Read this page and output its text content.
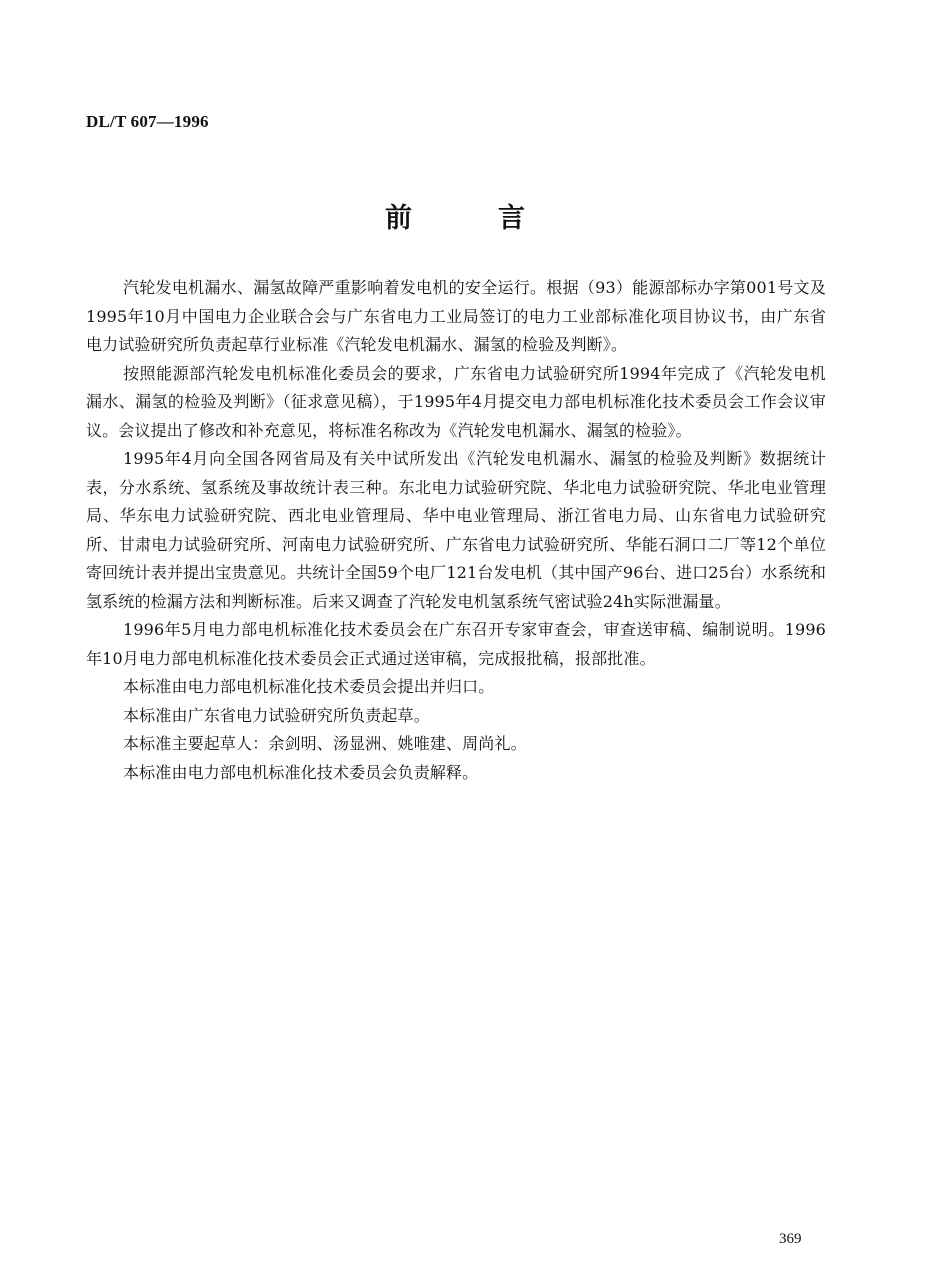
DL/T 607—1996
前	言

汽轮发电机漏水、漏氢故障严重影响着发电机的安全运行。根据（93）能源部标办字第001号文及1995年10月中国电力企业联合会与广东省电力工业局签订的电力工业部标准化项目协议书，由广东省电力试验研究所负责起草行业标准《汽轮发电机漏水、漏氢的检验及判断》。

按照能源部汽轮发电机标准化委员会的要求，广东省电力试验研究所1994年完成了《汽轮发电机漏水、漏氢的检验及判断》（征求意见稿），于1995年4月提交电力部电机标准化技术委员会工作会议审议。会议提出了修改和补充意见，将标准名称改为《汽轮发电机漏水、漏氢的检验》。

1995年4月向全国各网省局及有关中试所发出《汽轮发电机漏水、漏氢的检验及判断》数据统计表，分水系统、氢系统及事故统计表三种。东北电力试验研究院、华北电力试验研究院、华北电业管理局、华东电力试验研究院、西北电业管理局、华中电业管理局、浙江省电力局、山东省电力试验研究所、甘肃电力试验研究所、河南电力试验研究所、广东省电力试验研究所、华能石洞口二厂等12个单位寄回统计表并提出宝贵意见。共统计全国59个电厂121台发电机（其中国产96台、进口25台）水系统和氢系统的检漏方法和判断标准。后来又调查了汽轮发电机氢系统气密试验24h实际泄漏量。

1996年5月电力部电机标准化技术委员会在广东召开专家审查会，审查送审稿、编制说明。1996年10月电力部电机标准化技术委员会正式通过送审稿，完成报批稿，报部批准。

本标准由电力部电机标准化技术委员会提出并归口。

本标准由广东省电力试验研究所负责起草。

本标准主要起草人：余剑明、汤显洲、姚唯建、周尚礼。

本标准由电力部电机标准化技术委员会负责解释。

369
